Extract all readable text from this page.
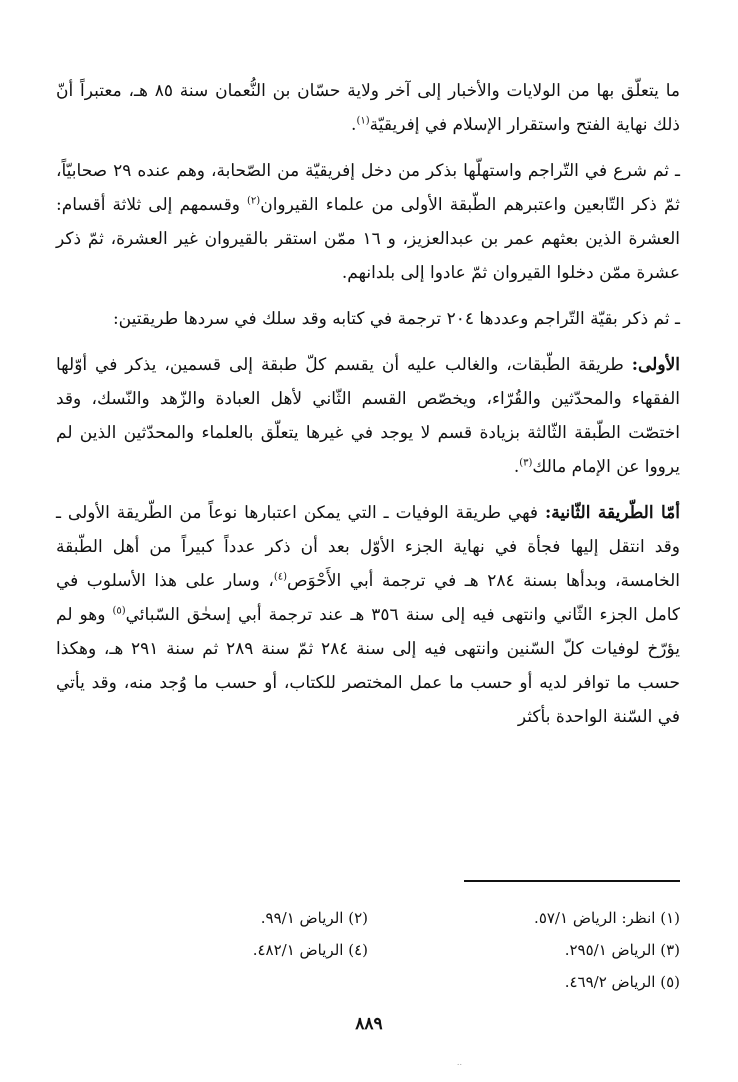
ما يتعلّق بها من الولايات والأخبار إلى آخر ولاية حسّان بن النُّعمان سنة ٨٥ هـ، معتبراً أنّ ذلك نهاية الفتح واستقرار الإسلام في إفريقيّة$^{(١)}$.

ـ ثم شرع في التّراجم واستهلّها بذكر من دخل إفريقيّة من الصّحابة، وهم عنده ٢٩ صحابيّاً، ثمّ ذكر التّابعين واعتبرهم الطّبقة الأولى من علماء القيروان$^{(٢)}$ وقسمهم إلى ثلاثة أقسام: العشرة الذين بعثهم عمر بن عبدالعزيز، و ١٦ ممّن استقر بالقيروان غير العشرة، ثمّ ذكر عشرة ممّن دخلوا القيروان ثمّ عادوا إلى بلدانهم.

ـ ثم ذكر بقيّة التّراجم وعددها ٢٠٤ ترجمة في كتابه وقد سلك في سردها طريقتين:

الأولى: طريقة الطّبقات، والغالب عليه أن يقسم كلّ طبقة إلى قسمين، يذكر في أوّلها الفقهاء والمحدّثين والقُرّاء، ويخصّص القسم الثّاني لأهل العبادة والزّهد والنّسك، وقد اختصّت الطّبقة الثّالثة بزيادة قسم لا يوجد في غيرها يتعلّق بالعلماء والمحدّثين الذين لم يرووا عن الإمام مالك$^{(٣)}$.

أمّا الطّريقة الثّانية: فهي طريقة الوفيات ـ التي يمكن اعتبارها نوعاً من الطّريقة الأولى ـ وقد انتقل إليها فجأة في نهاية الجزء الأوّل بعد أن ذكر عدداً كبيراً من أهل الطّبقة الخامسة، وبدأها بسنة ٢٨٤ هـ في ترجمة أبي الأَحْوَص$^{(٤)}$، وسار على هذا الأسلوب في كامل الجزء الثّاني وانتهى فيه إلى سنة ٣٥٦ هـ عند ترجمة أبي إسحٰق السّبائي$^{(٥)}$ وهو لم يؤرّخ لوفيات كلّ السّنين وانتهى فيه إلى سنة ٢٨٤ ثمّ سنة ٢٨٩ ثم سنة ٢٩١ هـ، وهكذا حسب ما توافر لديه أو حسب ما عمل المختصر للكتاب، أو حسب ما وُجد منه، وقد يأتي في السّنة الواحدة بأكثر

(١) انظر: الرياض ٥٧/١.
(٢) الرياض ٩٩/١.
(٣) الرياض ٢٩٥/١.
(٤) الرياض ٤٨٢/١.
(٥) الرياض ٤٦٩/٢.
٨٨٩
..
